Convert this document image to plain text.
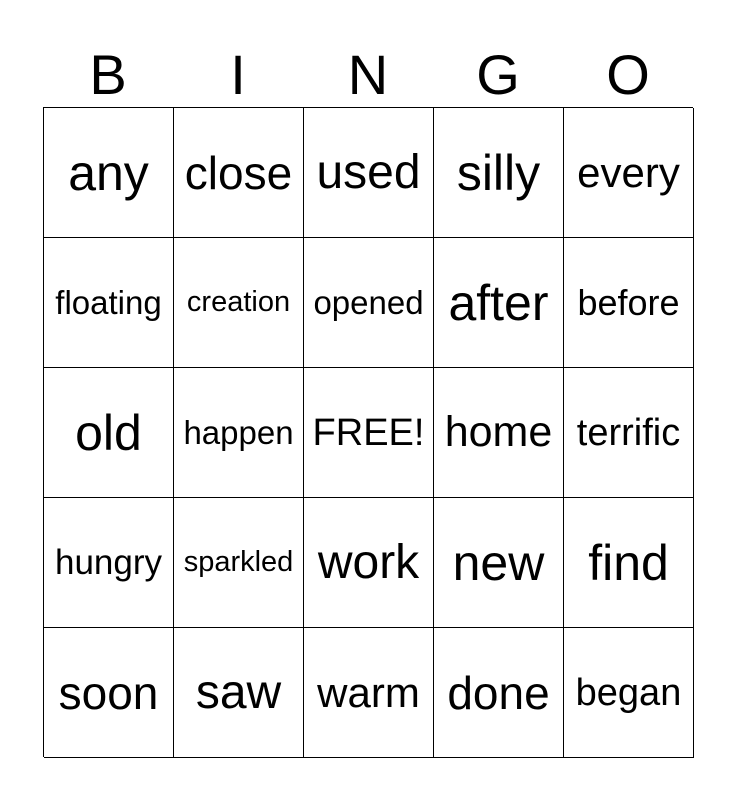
B	I	N	G	O
any close used silly every
floating creation opened after before
old	happen FREE! home terrific
hungry sparkled work new find
soon saw warm done began
